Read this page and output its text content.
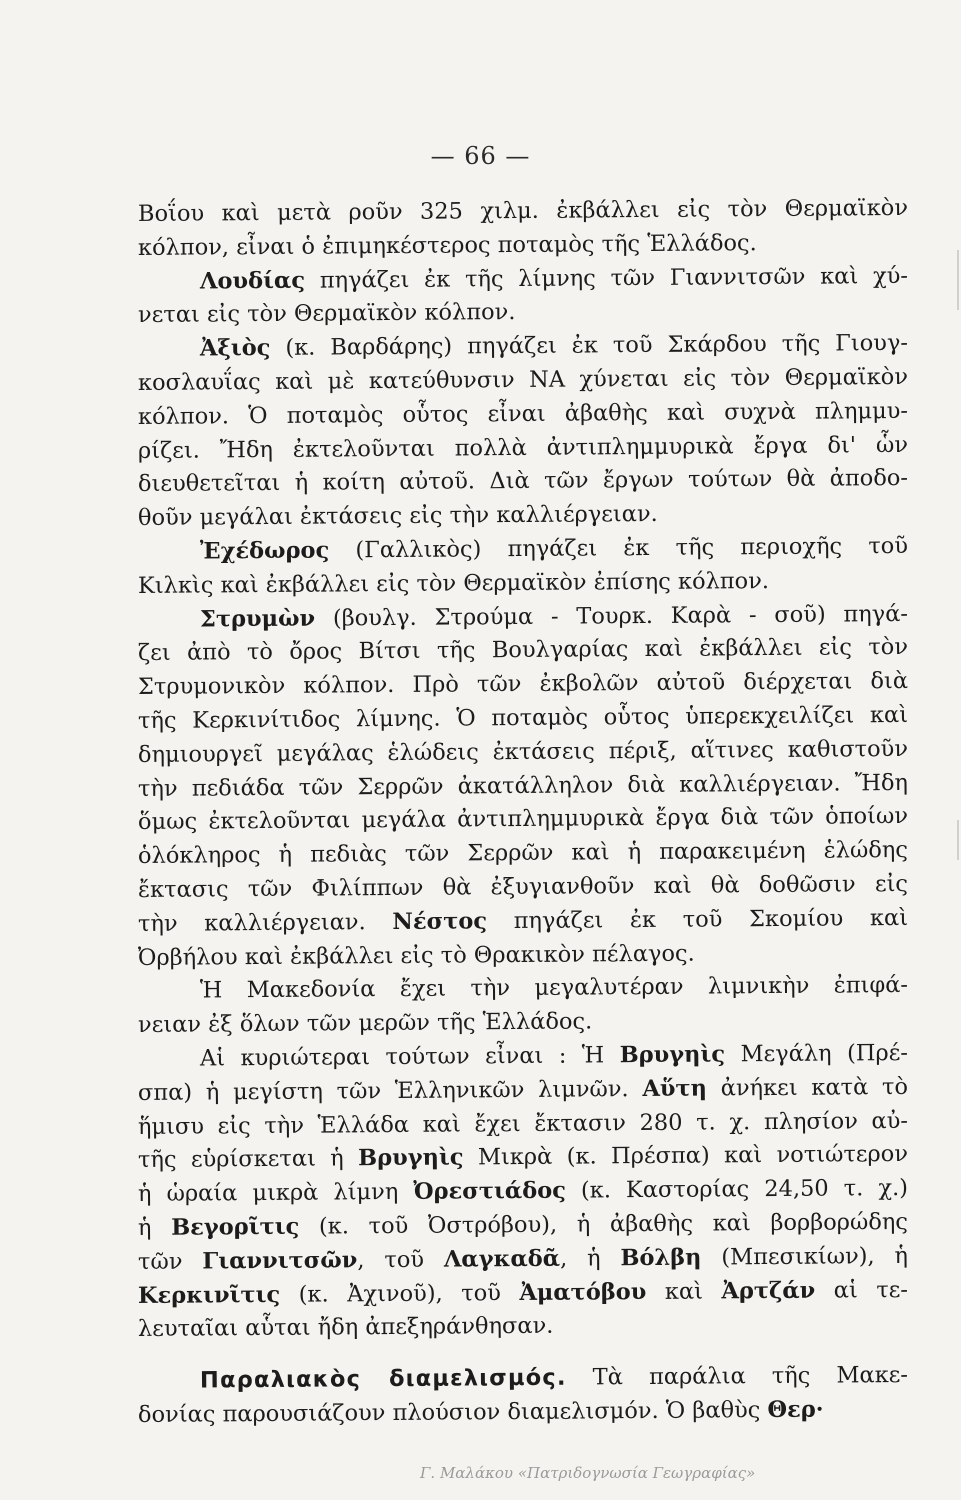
— 66 —
Βοΐου καὶ μετὰ ροῦν 325 χιλμ. ἐκβάλλει εἰς τὸν Θερμαϊκὸν
κόλπον, εἶναι ὁ ἐπιμηκέστερος ποταμὸς τῆς Ἑλλάδος.
Λουδίας πηγάζει ἐκ τῆς λίμνης τῶν Γιαννιτσῶν καὶ χύ-
νεται εἰς τὸν Θερμαϊκὸν κόλπον.
Ἀξιὸς (κ. Βαρδάρης) πηγάζει ἐκ τοῦ Σκάρδου τῆς Γιουγ-
κοσλαυΐας καὶ μὲ κατεύθυνσιν ΝΑ χύνεται εἰς τὸν Θερμαϊκὸν
κόλπον. Ὁ ποταμὸς οὗτος εἶναι ἀβαθὴς καὶ συχνὰ πλημμυ-
ρίζει. Ἤδη ἐκτελοῦνται πολλὰ ἀντιπλημμυρικὰ ἔργα δι' ὧν
διευθετεῖται ἡ κοίτη αὐτοῦ. Διὰ τῶν ἔργων τούτων θὰ ἀποδο-
θοῦν μεγάλαι ἐκτάσεις εἰς τὴν καλλιέργειαν.
Ἐχέδωρος (Γαλλικὸς) πηγάζει ἐκ τῆς περιοχῆς τοῦ
Κιλκὶς καὶ ἐκβάλλει εἰς τὸν Θερμαϊκὸν ἐπίσης κόλπον.
Στρυμὼν (βουλγ. Στρούμα - Τουρκ. Καρὰ - σοῦ) πηγά-
ζει ἀπὸ τὸ ὄρος Βίτσι τῆς Βουλγαρίας καὶ ἐκβάλλει εἰς τὸν
Στρυμονικὸν κόλπον. Πρὸ τῶν ἐκβολῶν αὐτοῦ διέρχεται διὰ
τῆς Κερκινίτιδος λίμνης. Ὁ ποταμὸς οὗτος ὑπερεκχειλίζει καὶ
δημιουργεῖ μεγάλας ἑλώδεις ἐκτάσεις πέριξ, αἵτινες καθιστοῦν
τὴν πεδιάδα τῶν Σερρῶν ἀκατάλληλον διὰ καλλιέργειαν. Ἤδη
ὅμως ἐκτελοῦνται μεγάλα ἀντιπλημμυρικὰ ἔργα διὰ τῶν ὁποίων
ὁλόκληρος ἡ πεδιὰς τῶν Σερρῶν καὶ ἡ παρακειμένη ἑλώδης
ἔκτασις τῶν Φιλίππων θὰ ἐξυγιανθοῦν καὶ θὰ δοθῶσιν εἰς
τὴν καλλιέργειαν. Νέστος πηγάζει ἐκ τοῦ Σκομίου καὶ
Ὀρβήλου καὶ ἐκβάλλει εἰς τὸ Θρακικὸν πέλαγος.
Ἡ Μακεδονία ἔχει τὴν μεγαλυτέραν λιμνικὴν ἐπιφά-
νειαν ἐξ ὅλων τῶν μερῶν τῆς Ἑλλάδος.
Αἱ κυριώτεραι τούτων εἶναι : Ἡ Βρυγηὶς Μεγάλη (Πρέ-
σπα) ἡ μεγίστη τῶν Ἑλληνικῶν λιμνῶν. Αὕτη ἀνήκει κατὰ τὸ
ἥμισυ εἰς τὴν Ἑλλάδα καὶ ἔχει ἔκτασιν 280 τ. χ. πλησίον αὐ-
τῆς εὑρίσκεται ἡ Βρυγηὶς Μικρὰ (κ. Πρέσπα) καὶ νοτιώτερον
ἡ ὡραία μικρὰ λίμνη Ὀρεστιάδος (κ. Καστορίας 24,50 τ. χ.)
ἡ Βεγορῖτις (κ. τοῦ Ὀστρόβου), ἡ ἀβαθὴς καὶ βορβορώδης
τῶν Γιαννιτσῶν, τοῦ Λαγκαδᾶ, ἡ Βόλβη (Μπεσικίων), ἡ
Κερκινῖτις (κ. Ἀχινοῦ), τοῦ Ἀματόβου καὶ Ἀρτζάν αἱ τε-
λευταῖαι αὗται ἤδη ἀπεξηράνθησαν.
Παραλιακὸς διαμελισμός. Τὰ παράλια τῆς Μακε-
δονίας παρουσιάζουν πλούσιον διαμελισμόν. Ὁ βαθὺς Θερ·
Γ. Μαλάκου «Πατριδογνωσία Γεωγραφίας»
